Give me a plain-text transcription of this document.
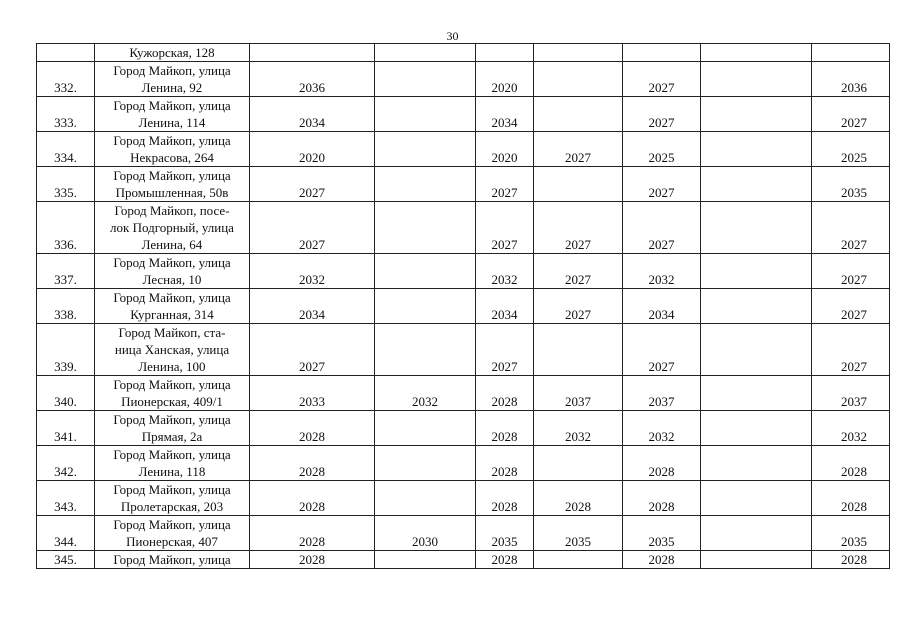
30
	Кужорская, 128							
332.	Город Майкоп, улица
Ленина, 92	2036		2020		2027		2036
333.	Город Майкоп, улица
Ленина, 114	2034		2034		2027		2027
334.	Город Майкоп, улица
Некрасова, 264	2020		2020	2027	2025		2025
335.	Город Майкоп, улица
Промышленная, 50в	2027		2027		2027		2035
336.	Город Майкоп, посе-
лок Подгорный, улица
Ленина, 64	2027		2027	2027	2027		2027
337.	Город Майкоп, улица
Лесная, 10	2032		2032	2027	2032		2027
338.	Город Майкоп, улица
Курганная, 314	2034		2034	2027	2034		2027
339.	Город Майкоп, ста-
ница Ханская, улица
Ленина, 100	2027		2027		2027		2027
340.	Город Майкоп, улица
Пионерская, 409/1	2033	2032	2028	2037	2037		2037
341.	Город Майкоп, улица
Прямая, 2а	2028		2028	2032	2032		2032
342.	Город Майкоп, улица
Ленина, 118	2028		2028		2028		2028
343.	Город Майкоп, улица
Пролетарская, 203	2028		2028	2028	2028		2028
344.	Город Майкоп, улица
Пионерская, 407	2028	2030	2035	2035	2035		2035
345.	Город Майкоп, улица	2028		2028		2028		2028
